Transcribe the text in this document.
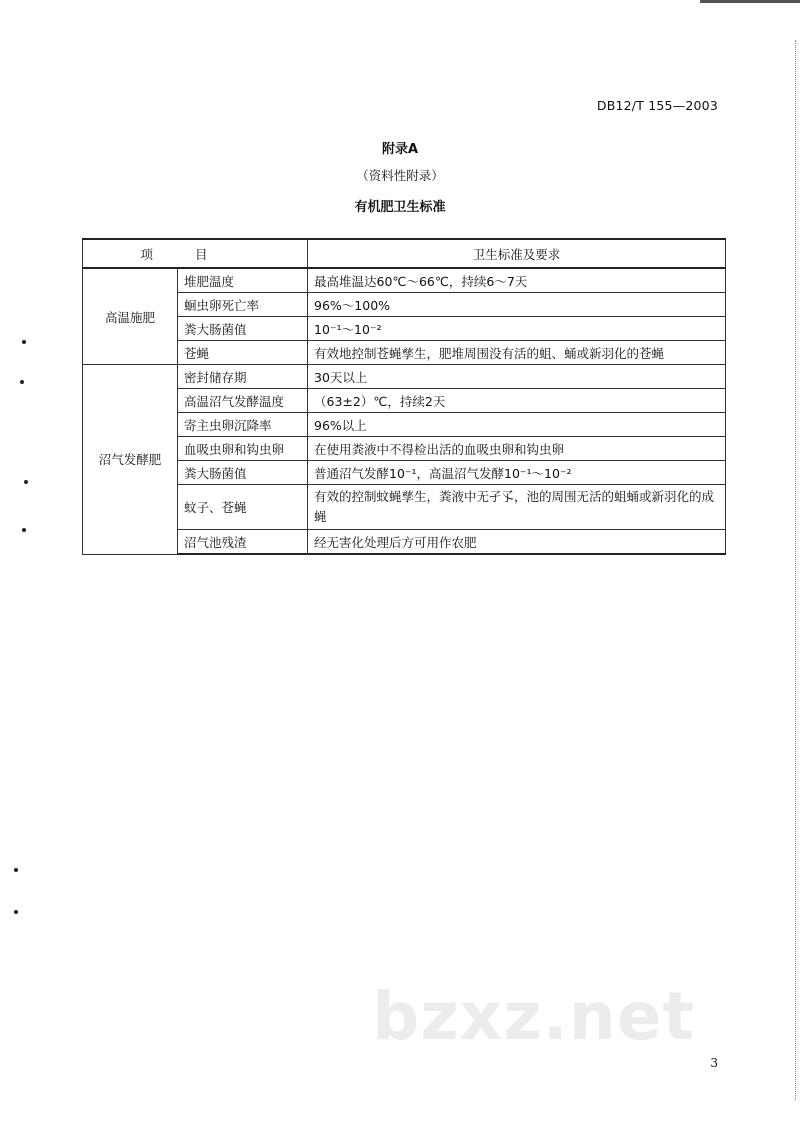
DB12/T 155—2003
附录A
（资料性附录）
有机肥卫生标准
项目		卫生标准及要求
高温施肥	堆肥温度	最高堆温达60℃～66℃，持续6～7天
	蛔虫卵死亡率	96%～100%
	粪大肠菌值	10⁻¹～10⁻²
	苍蝇	有效地控制苍蝇孳生，肥堆周围没有活的蛆、蛹或新羽化的苍蝇
沼气发酵肥	密封储存期	30天以上
	高温沼气发酵温度	（63±2）℃，持续2天
	寄主虫卵沉降率	96%以上
	血吸虫卵和钩虫卵	在使用粪液中不得检出活的血吸虫卵和钩虫卵
	粪大肠菌值	普通沼气发酵10⁻¹，高温沼气发酵10⁻¹～10⁻²
	蚊子、苍蝇	有效的控制蚊蝇孳生，粪液中无孑孓，池的周围无活的蛆蛹或新羽化的成蝇
	沼气池残渣	经无害化处理后方可用作农肥
bzxz.net
3
